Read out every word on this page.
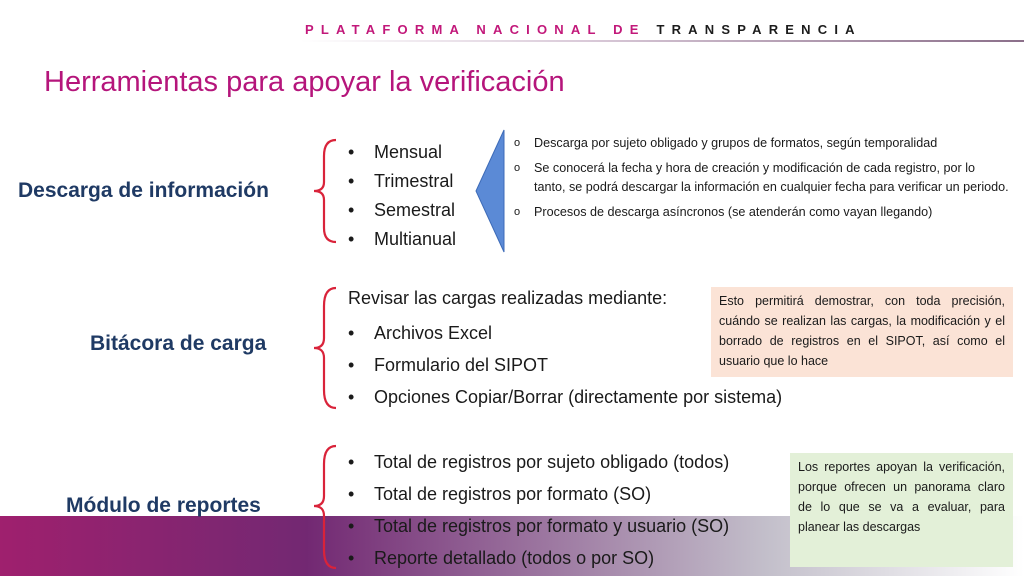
PLATAFORMA NACIONAL DE TRANSPARENCIA
Herramientas para apoyar la verificación
Descarga de información
• Mensual
• Trimestral
• Semestral
• Multianual
o Descarga por sujeto obligado y grupos de formatos, según temporalidad
o Se conocerá la fecha y hora de creación y modificación de cada registro, por lo tanto, se podrá descargar la información en cualquier fecha para verificar un periodo.
o Procesos de descarga asíncronos (se atenderán como vayan llegando)
Bitácora de carga
Revisar las cargas realizadas mediante:
• Archivos Excel
• Formulario del SIPOT
• Opciones Copiar/Borrar (directamente por sistema)

Esto permitirá demostrar, con toda precisión, cuándo se realizan las cargas, la modificación y el borrado de registros en el SIPOT, así como el usuario que lo hace

Módulo de reportes
• Total de registros por sujeto obligado (todos)
• Total de registros por formato (SO)
• Total de registros por formato y usuario (SO)
• Reporte detallado (todos o por SO)

Los reportes apoyan la verificación, porque ofrecen un panorama claro de lo que se va a evaluar, para planear las descargas
